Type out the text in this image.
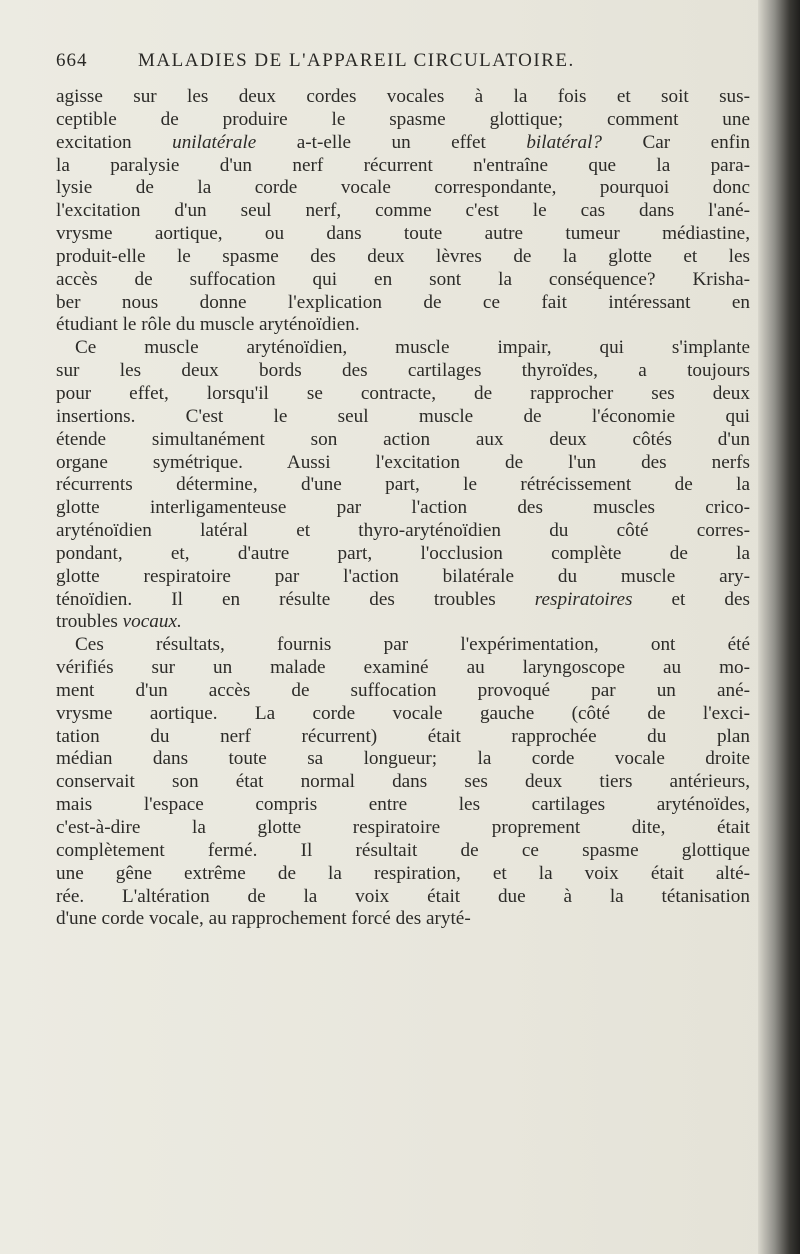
664	MALADIES DE L'APPAREIL CIRCULATOIRE.
agisse sur les deux cordes vocales à la fois et soit sus-
ceptible de produire le spasme glottique; comment une
excitation unilatérale a-t-elle un effet bilatéral? Car enfin
la paralysie d'un nerf récurrent n'entraîne que la para-
lysie de la corde vocale correspondante, pourquoi donc
l'excitation d'un seul nerf, comme c'est le cas dans l'ané-
vrysme aortique, ou dans toute autre tumeur médiastine,
produit-elle le spasme des deux lèvres de la glotte et les
accès de suffocation qui en sont la conséquence? Krisha-
ber nous donne l'explication de ce fait intéressant en
étudiant le rôle du muscle aryténoïdien.
Ce muscle aryténoïdien, muscle impair, qui s'implante
sur les deux bords des cartilages thyroïdes, a toujours
pour effet, lorsqu'il se contracte, de rapprocher ses deux
insertions. C'est le seul muscle de l'économie qui
étende simultanément son action aux deux côtés d'un
organe symétrique. Aussi l'excitation de l'un des nerfs
récurrents détermine, d'une part, le rétrécissement de la
glotte interligamenteuse par l'action des muscles crico-
aryténoïdien latéral et thyro-aryténoïdien du côté corres-
pondant, et, d'autre part, l'occlusion complète de la
glotte respiratoire par l'action bilatérale du muscle ary-
ténoïdien. Il en résulte des troubles respiratoires et des
troubles vocaux.
Ces résultats, fournis par l'expérimentation, ont été
vérifiés sur un malade examiné au laryngoscope au mo-
ment d'un accès de suffocation provoqué par un ané-
vrysme aortique. La corde vocale gauche (côté de l'exci-
tation du nerf récurrent) était rapprochée du plan
médian dans toute sa longueur; la corde vocale droite
conservait son état normal dans ses deux tiers antérieurs,
mais l'espace compris entre les cartilages aryténoïdes,
c'est-à-dire la glotte respiratoire proprement dite, était
complètement fermé. Il résultait de ce spasme glottique
une gêne extrême de la respiration, et la voix était alté-
rée. L'altération de la voix était due à la tétanisation
d'une corde vocale, au rapprochement forcé des aryté-
